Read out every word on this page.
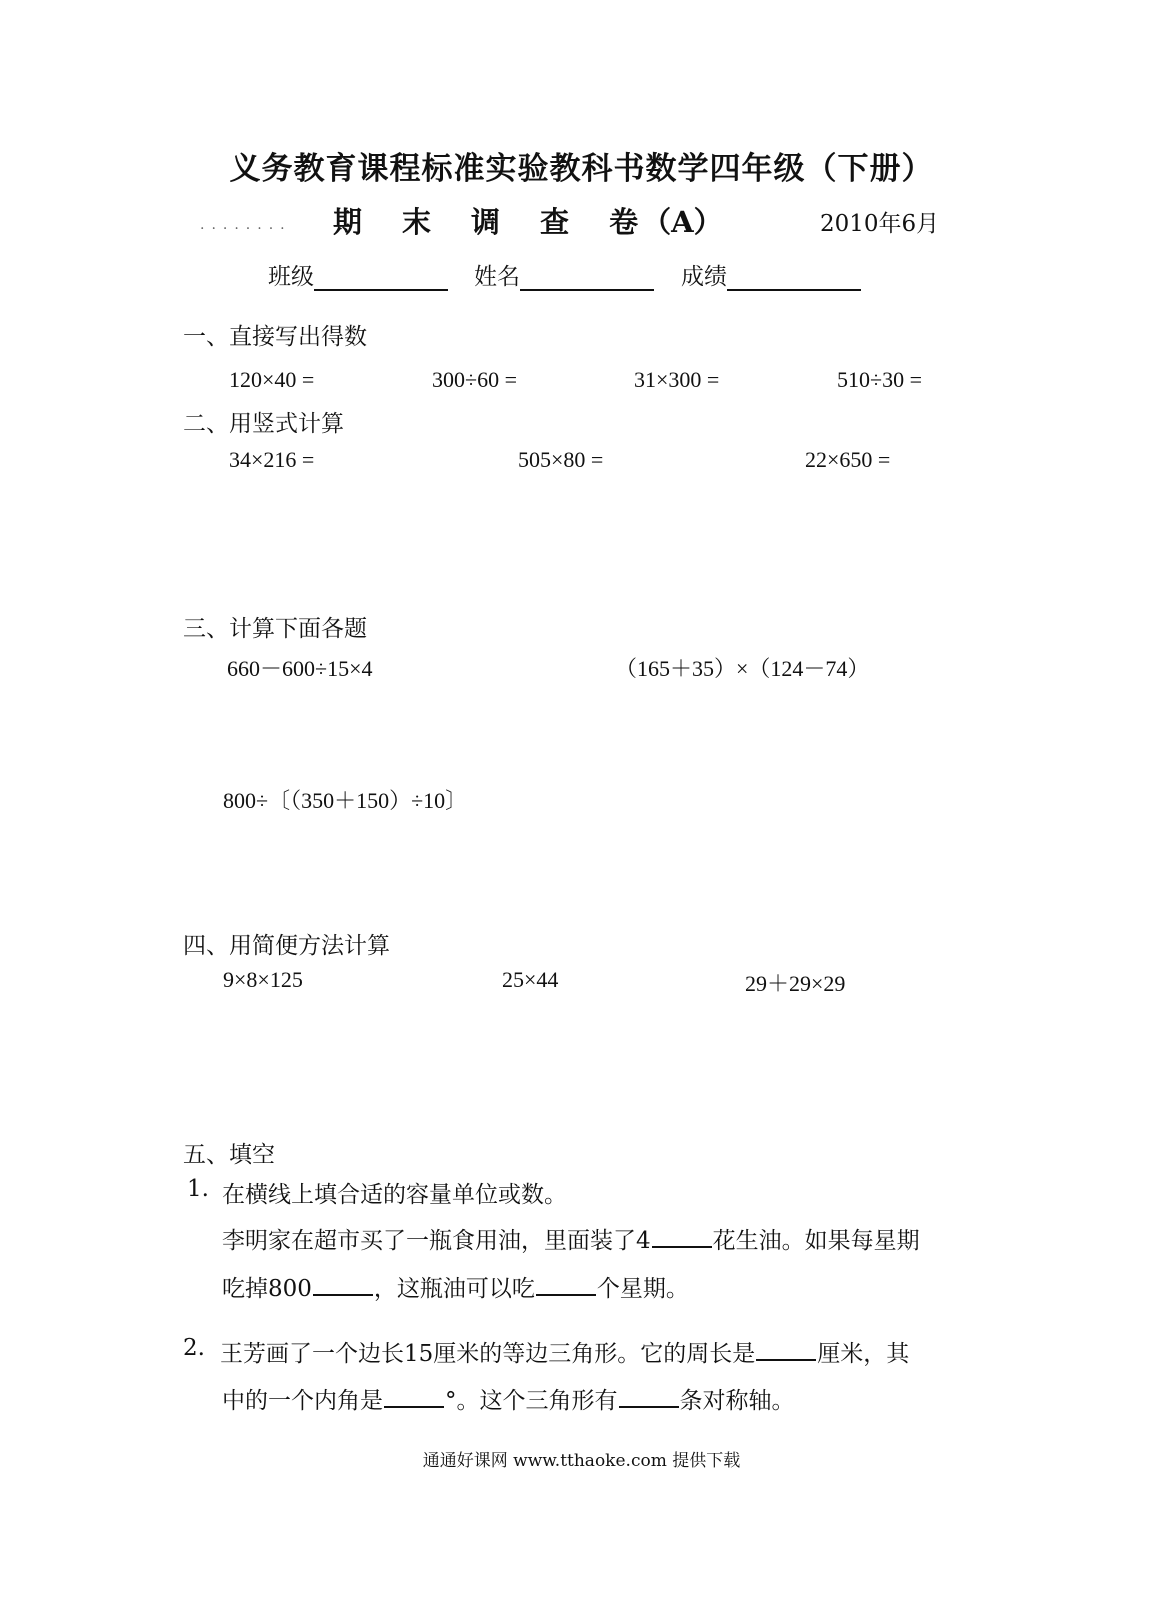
义务教育课程标准实验教科书数学四年级（下册）
........ 期 末 调 查 卷 （A）	2010年6月
班级	姓名	成绩
一、直接写出得数
120×40 =	300÷60 =	31×300 =	510÷30 =
二、用竖式计算
34×216 =	505×80 =	22×650 =
三、计算下面各题
660－600÷15×4	（165＋35）×（124－74）
800÷〔（350＋150）÷10〕
四、用简便方法计算
9×8×125	25×44	29＋29×29
五、填空
1. 在横线上填合适的容量单位或数。
李明家在超市买了一瓶食用油，里面装了4	花生油。如果每星期
吃掉800	，这瓶油可以吃	个星期。
2. 王芳画了一个边长15厘米的等边三角形。它的周长是	厘米，其
中的一个内角是	°。这个三角形有	条对称轴。
通通好课网 www.tthaoke.com 提供下载
